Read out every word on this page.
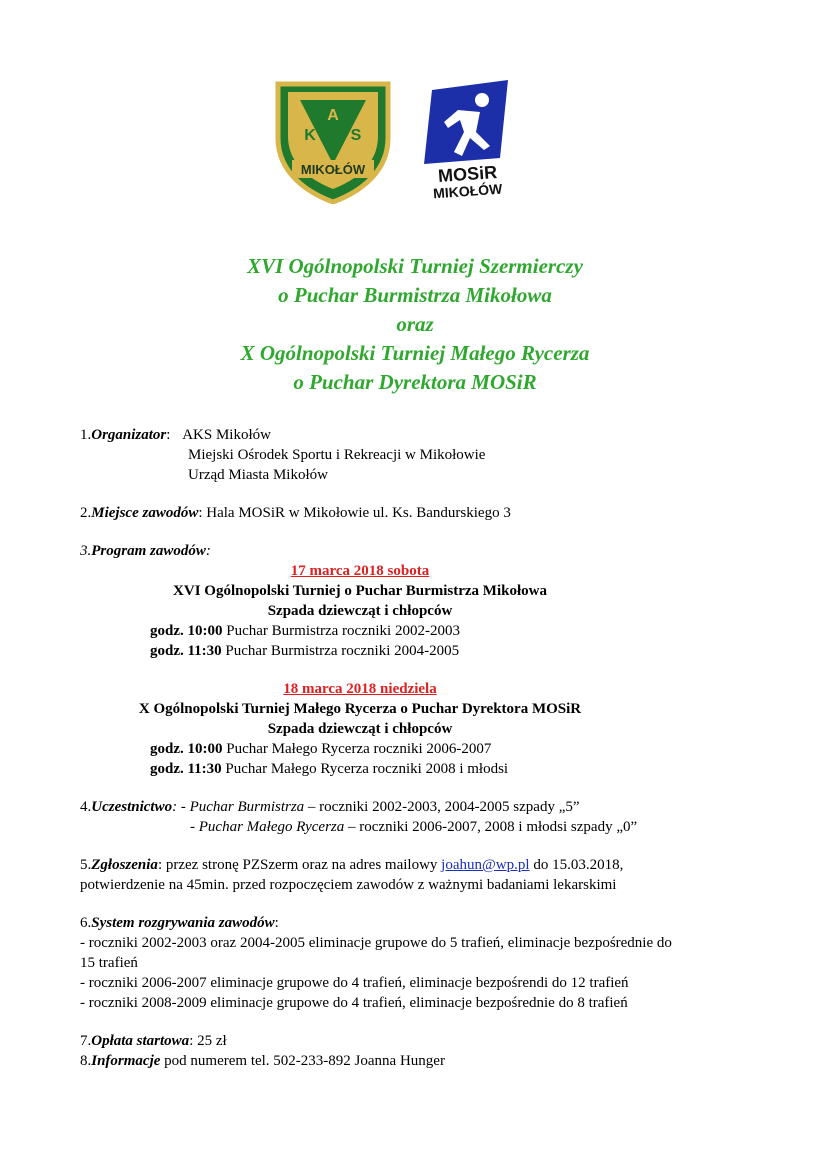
A
K S
MIKOŁÓW	MOSiR
MIKOŁÓW
XVI Ogólnopolski Turniej Szermierczy
o Puchar Burmistrza Mikołowa
oraz
X Ogólnopolski Turniej Małego Rycerza
o Puchar Dyrektora MOSiR
1.Organizator: AKS Mikołów
Miejski Ośrodek Sportu i Rekreacji w Mikołowie
Urząd Miasta Mikołów
2.Miejsce zawodów: Hala MOSiR w Mikołowie ul. Ks. Bandurskiego 3
3.Program zawodów:
17 marca 2018 sobota
XVI Ogólnopolski Turniej o Puchar Burmistrza Mikołowa
Szpada dziewcząt i chłopców
godz. 10:00 Puchar Burmistrza roczniki 2002-2003
godz. 11:30 Puchar Burmistrza roczniki 2004-2005
18 marca 2018 niedziela
X Ogólnopolski Turniej Małego Rycerza o Puchar Dyrektora MOSiR
Szpada dziewcząt i chłopców
godz. 10:00 Puchar Małego Rycerza roczniki 2006-2007
godz. 11:30 Puchar Małego Rycerza roczniki 2008 i młodsi
4.Uczestnictwo: - Puchar Burmistrza – roczniki 2002-2003, 2004-2005 szpady „5”
- Puchar Małego Rycerza – roczniki 2006-2007, 2008 i młodsi szpady „0”
5.Zgłoszenia: przez stronę PZSzerm oraz na adres mailowy joahun@wp.pl do 15.03.2018,
potwierdzenie na 45min. przed rozpoczęciem zawodów z ważnymi badaniami lekarskimi
6.System rozgrywania zawodów:
- roczniki 2002-2003 oraz 2004-2005 eliminacje grupowe do 5 trafień, eliminacje bezpośrednie do
15 trafień
- roczniki 2006-2007 eliminacje grupowe do 4 trafień, eliminacje bezpośrendi do 12 trafień
- roczniki 2008-2009 eliminacje grupowe do 4 trafień, eliminacje bezpośrednie do 8 trafień
7.Opłata startowa: 25 zł
8.Informacje pod numerem tel. 502-233-892 Joanna Hunger
